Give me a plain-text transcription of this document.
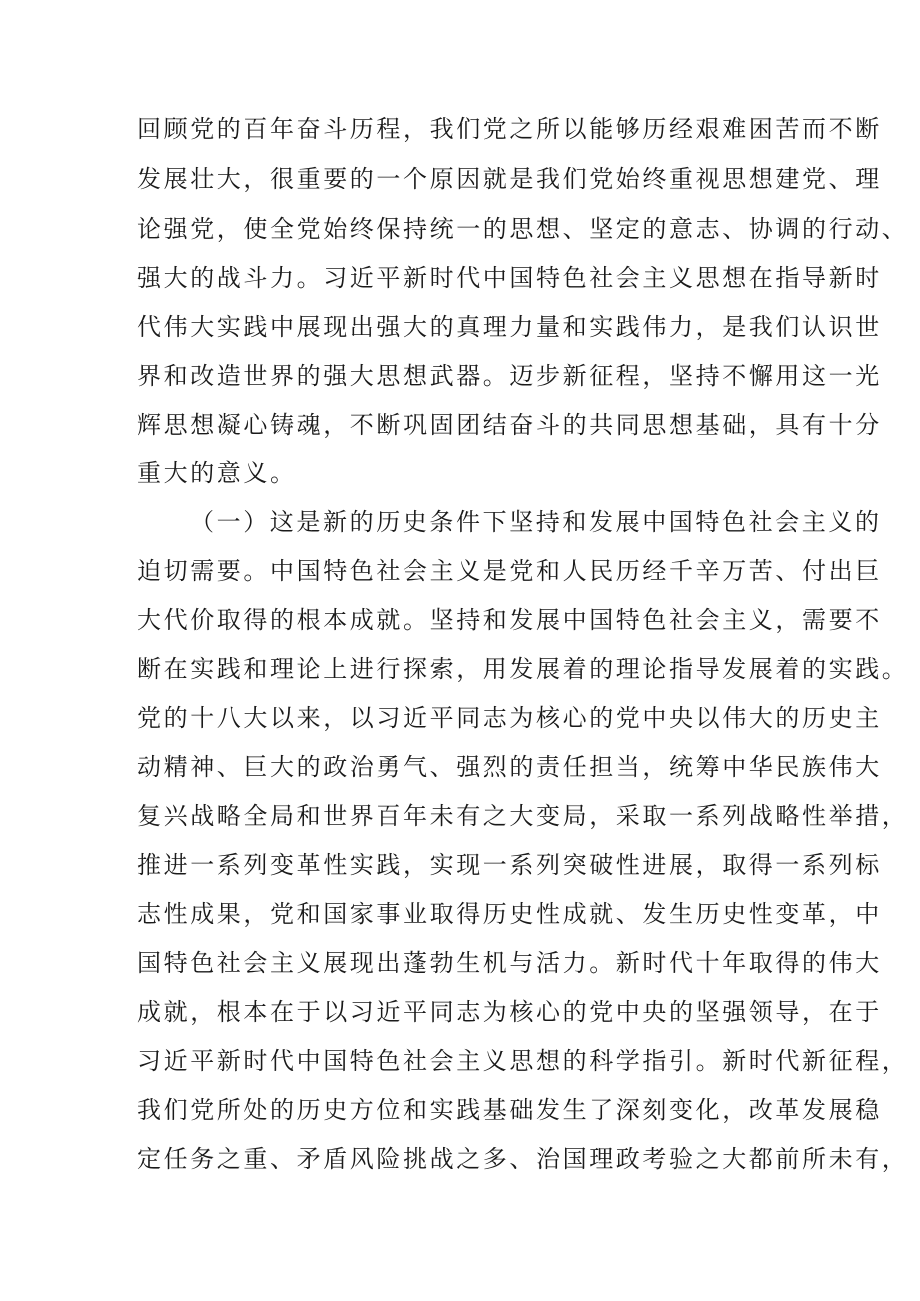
回顾党的百年奋斗历程，我们党之所以能够历经艰难困苦而不断
发展壮大，很重要的一个原因就是我们党始终重视思想建党、理
论强党，使全党始终保持统一的思想、坚定的意志、协调的行动、
强大的战斗力。习近平新时代中国特色社会主义思想在指导新时
代伟大实践中展现出强大的真理力量和实践伟力，是我们认识世
界和改造世界的强大思想武器。迈步新征程，坚持不懈用这一光
辉思想凝心铸魂，不断巩固团结奋斗的共同思想基础，具有十分
重大的意义。
（一）这是新的历史条件下坚持和发展中国特色社会主义的
迫切需要。中国特色社会主义是党和人民历经千辛万苦、付出巨
大代价取得的根本成就。坚持和发展中国特色社会主义，需要不
断在实践和理论上进行探索，用发展着的理论指导发展着的实践。
党的十八大以来，以习近平同志为核心的党中央以伟大的历史主
动精神、巨大的政治勇气、强烈的责任担当，统筹中华民族伟大
复兴战略全局和世界百年未有之大变局，采取一系列战略性举措，
推进一系列变革性实践，实现一系列突破性进展，取得一系列标
志性成果，党和国家事业取得历史性成就、发生历史性变革，中
国特色社会主义展现出蓬勃生机与活力。新时代十年取得的伟大
成就，根本在于以习近平同志为核心的党中央的坚强领导，在于
习近平新时代中国特色社会主义思想的科学指引。新时代新征程，
我们党所处的历史方位和实践基础发生了深刻变化，改革发展稳
定任务之重、矛盾风险挑战之多、治国理政考验之大都前所未有，
